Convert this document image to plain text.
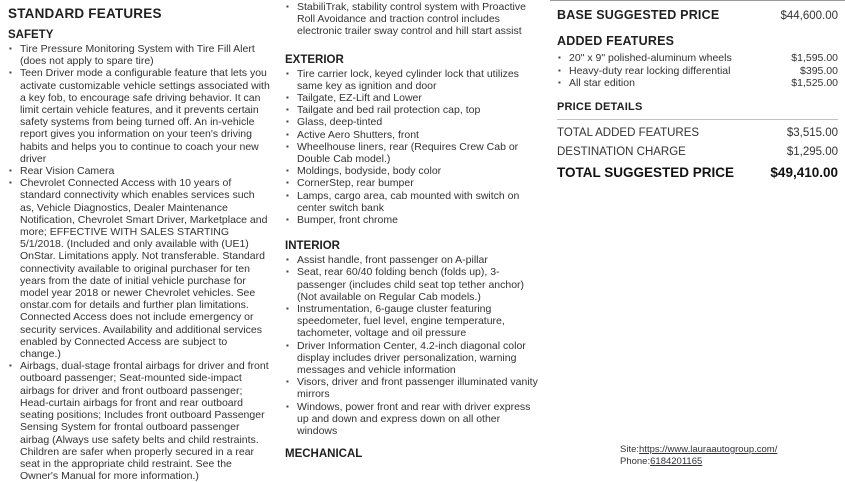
STANDARD FEATURES
SAFETY
▪ Tire Pressure Monitoring System with Tire Fill Alert (does not apply to spare tire)
▪ Teen Driver mode a configurable feature that lets you activate customizable vehicle settings associated with a key fob, to encourage safe driving behavior. It can limit certain vehicle features, and it prevents certain safety systems from being turned off. An in-vehicle report gives you information on your teen's driving habits and helps you to continue to coach your new driver
▪ Rear Vision Camera
▪ Chevrolet Connected Access with 10 years of standard connectivity which enables services such as, Vehicle Diagnostics, Dealer Maintenance Notification, Chevrolet Smart Driver, Marketplace and more; EFFECTIVE WITH SALES STARTING 5/1/2018. (Included and only available with (UE1) OnStar. Limitations apply. Not transferable. Standard connectivity available to original purchaser for ten years from the date of initial vehicle purchase for model year 2018 or newer Chevrolet vehicles. See onstar.com for details and further plan limitations. Connected Access does not include emergency or security services. Availability and additional services enabled by Connected Access are subject to change.)
▪ Airbags, dual-stage frontal airbags for driver and front outboard passenger; Seat-mounted side-impact airbags for driver and front outboard passenger; Head-curtain airbags for front and rear outboard seating positions; Includes front outboard Passenger Sensing System for frontal outboard passenger airbag (Always use safety belts and child restraints. Children are safer when properly secured in a rear seat in the appropriate child restraint. See the Owner's Manual for more information.)
▪ StabiliTrak, stability control system with Proactive Roll Avoidance and traction control includes electronic trailer sway control and hill start assist
EXTERIOR
▪ Tire carrier lock, keyed cylinder lock that utilizes same key as ignition and door
▪ Tailgate, EZ-Lift and Lower
▪ Tailgate and bed rail protection cap, top
▪ Glass, deep-tinted
▪ Active Aero Shutters, front
▪ Wheelhouse liners, rear (Requires Crew Cab or Double Cab model.)
▪ Moldings, bodyside, body color
▪ CornerStep, rear bumper
▪ Lamps, cargo area, cab mounted with switch on center switch bank
▪ Bumper, front chrome
INTERIOR
▪ Assist handle, front passenger on A-pillar
▪ Seat, rear 60/40 folding bench (folds up), 3-passenger (includes child seat top tether anchor) (Not available on Regular Cab models.)
▪ Instrumentation, 6-gauge cluster featuring speedometer, fuel level, engine temperature, tachometer, voltage and oil pressure
▪ Driver Information Center, 4.2-inch diagonal color display includes driver personalization, warning messages and vehicle information
▪ Visors, driver and front passenger illuminated vanity mirrors
▪ Windows, power front and rear with driver express up and down and express down on all other windows
MECHANICAL
BASE SUGGESTED PRICE	$44,600.00
ADDED FEATURES
▪ 20" x 9" polished-aluminum wheels	$1,595.00
▪ Heavy-duty rear locking differential	$395.00
▪ All star edition	$1,525.00
PRICE DETAILS
TOTAL ADDED FEATURES	$3,515.00
DESTINATION CHARGE	$1,295.00
TOTAL SUGGESTED PRICE	$49,410.00
Site:https://www.lauraautogroup.com/
Phone:6184201165
